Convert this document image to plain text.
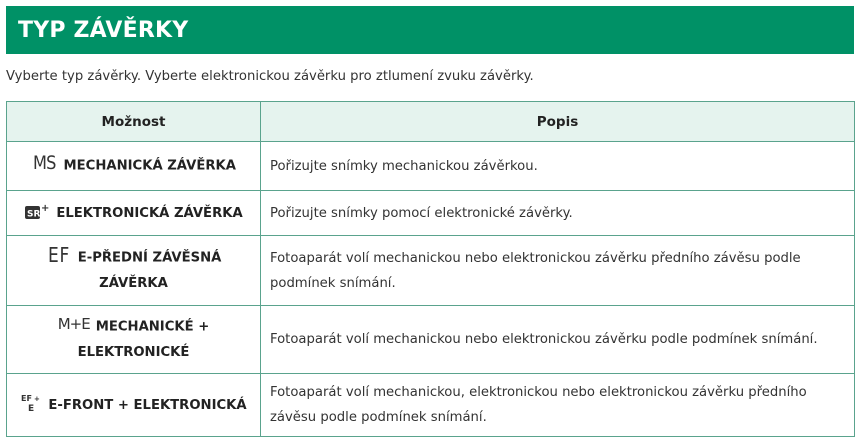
TYP ZÁVĚRKY
Vyberte typ závěrky. Vyberte elektronickou závěrku pro ztlumení zvuku závěrky.
Možnost	Popis
MS MECHANICKÁ ZÁVĚRKA	Pořizujte snímky mechanickou závěrkou.

SR
+ ELEKTRONICKÁ ZÁVĚRKA	Pořizujte snímky pomocí elektronické závěrky.
EF E-PŘEDNÍ ZÁVĚSNÁ ZÁVĚRKA	Fotoaparát volí mechanickou nebo elektronickou závěrku předního závěsu podle podmínek snímání.
M+E MECHANICKÉ + ELEKTRONICKÉ	Fotoaparát volí mechanickou nebo elektronickou závěrku podle podmínek snímání.

EF +
E E-FRONT + ELEKTRONICKÁ	Fotoaparát volí mechanickou, elektronickou nebo elektronickou závěrku předního závěsu podle podmínek snímání.
